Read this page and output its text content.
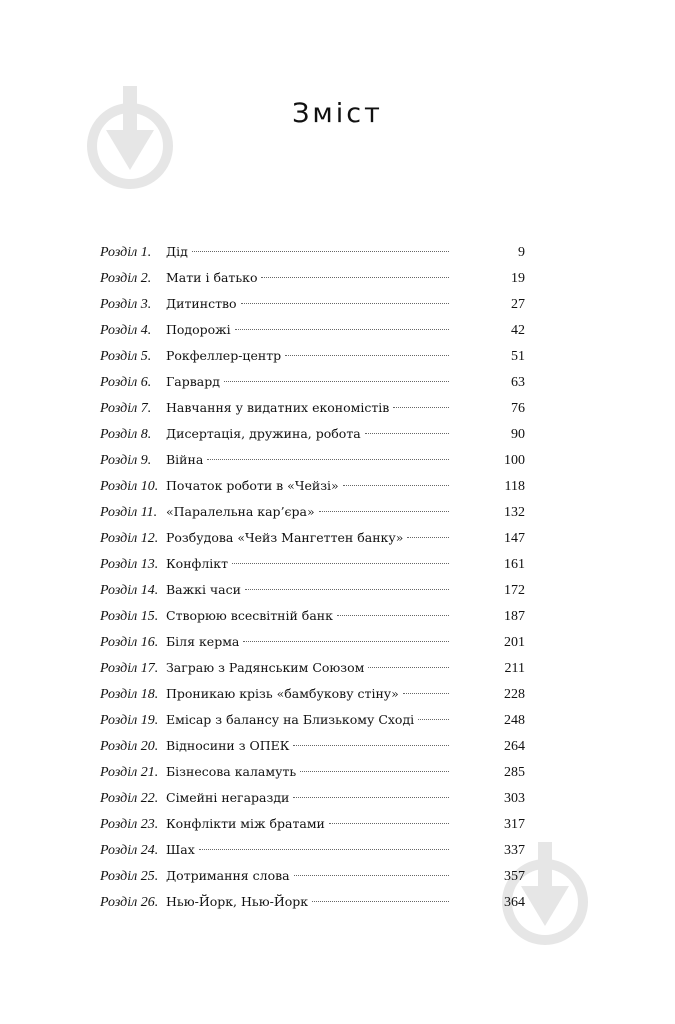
Зміст
Розділ 1.	Дід	9
Розділ 2.	Мати і батько	19
Розділ 3.	Дитинство	27
Розділ 4.	Подорожі	42
Розділ 5.	Рокфеллер-центр	51
Розділ 6.	Гарвард	63
Розділ 7.	Навчання у видатних економістів	76
Розділ 8.	Дисертація, дружина, робота	90
Розділ 9.	Війна	100
Розділ 10. Початок роботи в «Чейзі»	118
Розділ 11. «Паралельна кар’єра»	132
Розділ 12. Розбудова «Чейз Мангеттен банку»	147
Розділ 13. Конфлікт	161
Розділ 14. Важкі часи	172
Розділ 15. Створюю всесвітній банк	187
Розділ 16. Біля керма	201
Розділ 17. Заграю з Радянським Союзом	211
Розділ 18. Проникаю крізь «бамбукову стіну»	228
Розділ 19. Емісар з балансу на Близькому Сході	248
Розділ 20. Відносини з ОПЕК	264
Розділ 21. Бізнесова каламуть	285
Розділ 22. Сімейні негаразди	303
Розділ 23. Конфлікти між братами	317
Розділ 24. Шах	337
Розділ 25. Дотримання слова	357
Розділ 26. Нью-Йорк, Нью-Йорк	364
